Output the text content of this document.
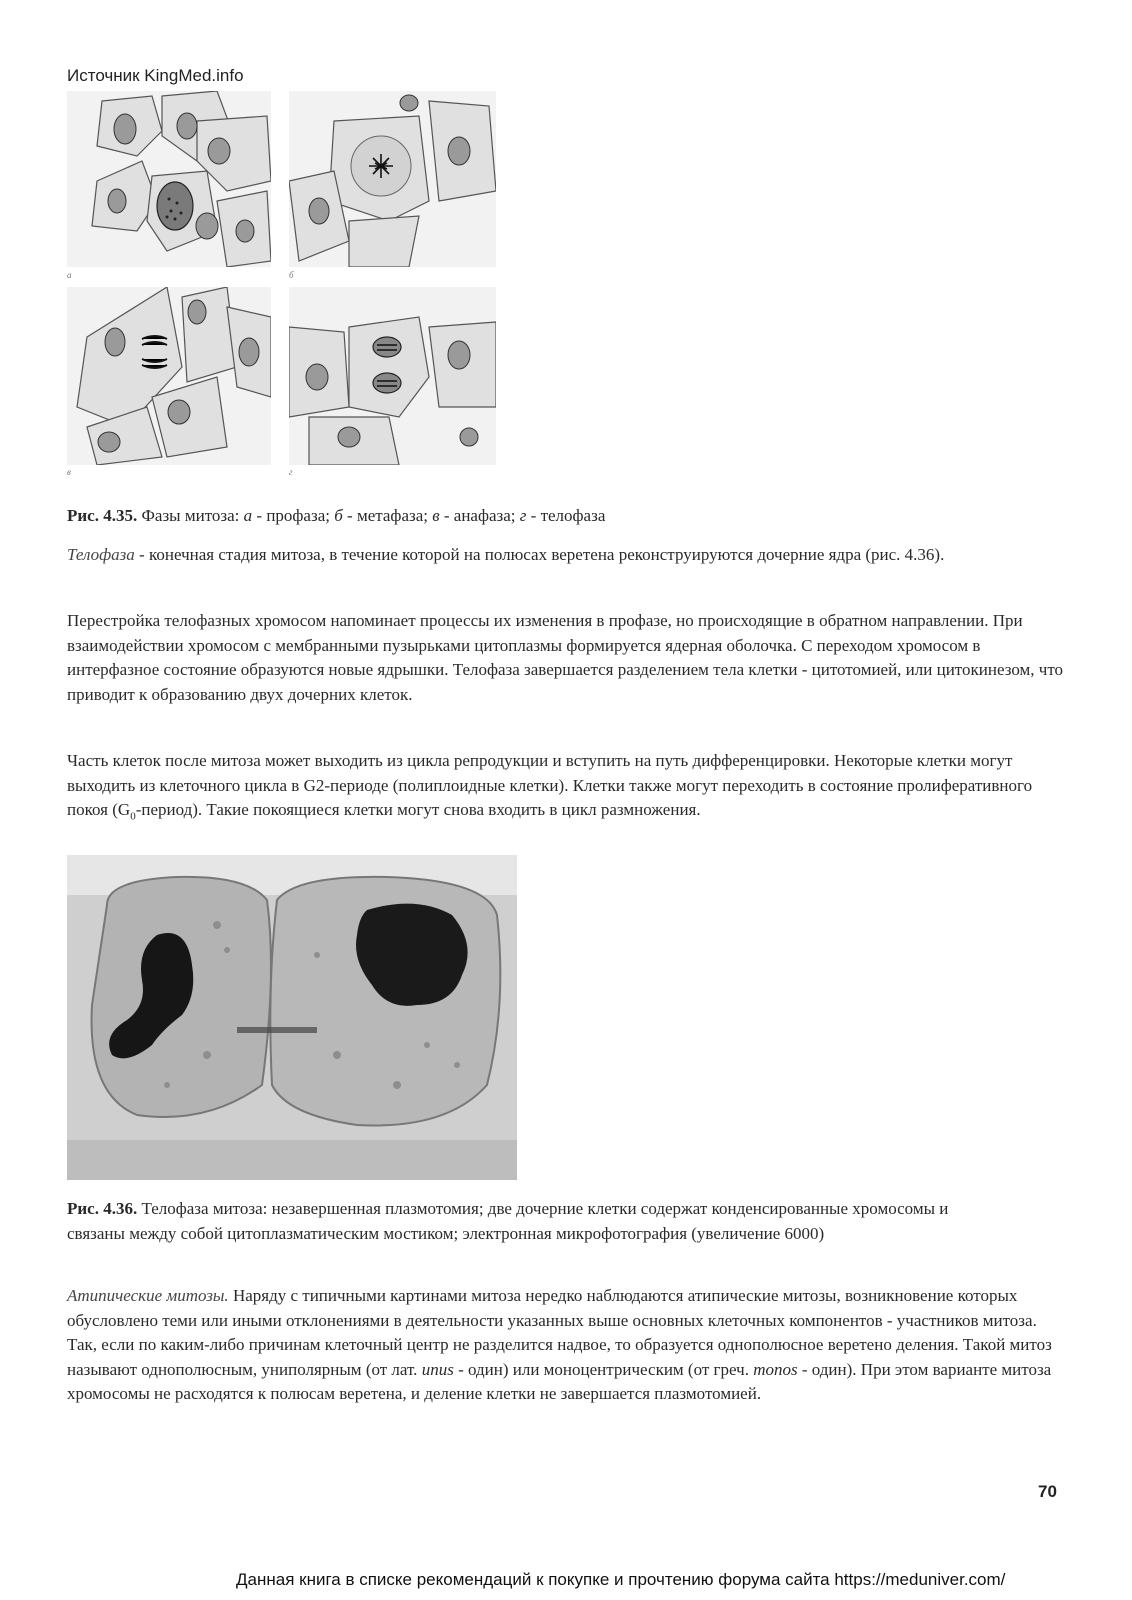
Источник KingMed.info
а	б
в	г
Рис. 4.35. Фазы митоза: а - профаза; б - метафаза; в - анафаза; г - телофаза

Телофаза - конечная стадия митоза, в течение которой на полюсах веретена реконструируются дочерние ядра (рис. 4.36).

Перестройка телофазных хромосом напоминает процессы их изменения в профазе, но происходящие в обратном направлении. При взаимодействии хромосом с мембранными пузырьками цитоплазмы формируется ядерная оболочка. С переходом хромосом в интерфазное состояние образуются новые ядрышки. Телофаза завершается разделением тела клетки - цитотомией, или цитокинезом, что приводит к образованию двух дочерних клеток.

Часть клеток после митоза может выходить из цикла репродукции и вступить на путь дифференцировки. Некоторые клетки могут выходить из клеточного цикла в G2-периоде (полиплоидные клетки). Клетки также могут переходить в состояние пролиферативного покоя $(G_0-период)$. Такие покоящиеся клетки могут снова входить в цикл размножения.

Рис. 4.36. Телофаза митоза: незавершенная плазмотомия; две дочерние клетки содержат конденсированные хромосомы и связаны между собой цитоплазматическим мостиком; электронная микрофотография (увеличение 6000)

Атипические митозы. Наряду с типичными картинами митоза нередко наблюдаются атипические митозы, возникновение которых обусловлено теми или иными отклонениями в деятельности указанных выше основных клеточных компонентов - участников митоза. Так, если по каким-либо причинам клеточный центр не разделится надвое, то образуется однополюсное веретено деления. Такой митоз называют однополюсным, униполярным (от лат. unus - один) или моноцентрическим (от греч. monos - один). При этом варианте митоза хромосомы не расходятся к полюсам веретена, и деление клетки не завершается плазмотомией.

70
Данная книга в списке рекомендаций к покупке и прочтению форума сайта https://meduniver.com/
